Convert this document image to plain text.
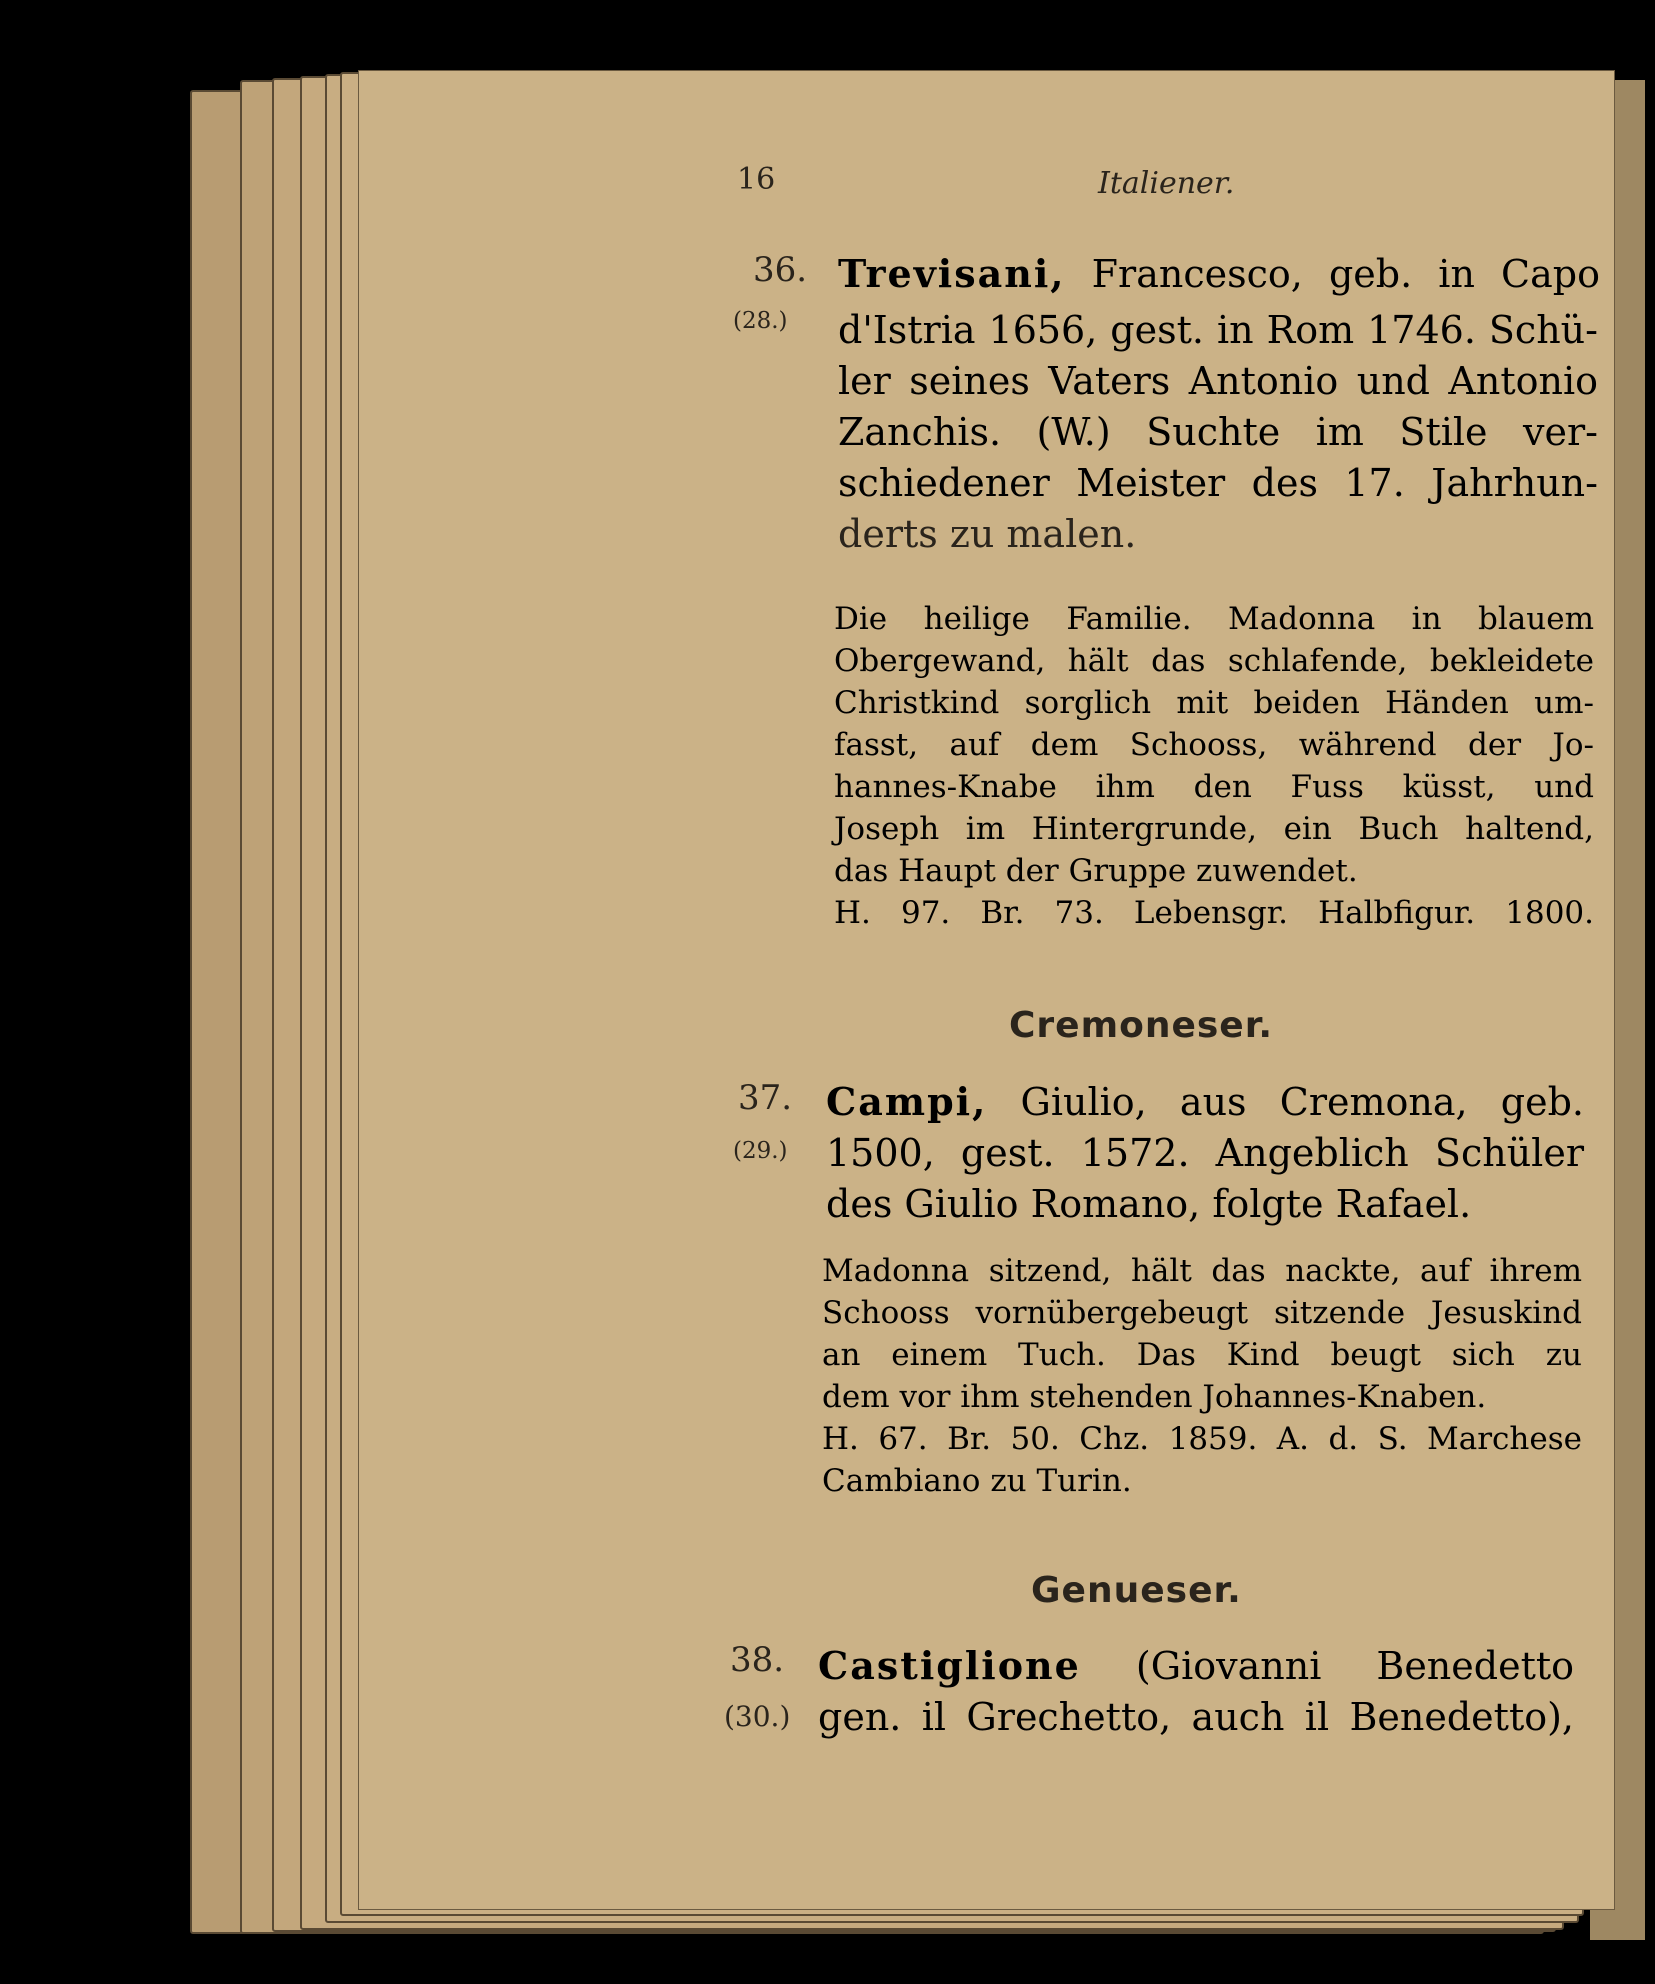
16	Italiener.
36.
(28.)
Trevisani, Francesco, geb. in Capo
d'Istria 1656, gest. in Rom 1746. Schü-
ler seines Vaters Antonio und Antonio
Zanchis. (W.) Suchte im Stile ver-
schiedener Meister des 17. Jahrhun-
derts zu malen.
Die heilige Familie. Madonna in blauem
Obergewand, hält das schlafende, bekleidete
Christkind sorglich mit beiden Händen um-
fasst, auf dem Schooss, während der Jo-
hannes-Knabe ihm den Fuss küsst, und
Joseph im Hintergrunde, ein Buch haltend,
das Haupt der Gruppe zuwendet.
H. 97. Br. 73. Lebensgr. Halbfigur. 1800.
Cremoneser.
37.
(29.)
Campi, Giulio, aus Cremona, geb.
1500, gest. 1572. Angeblich Schüler
des Giulio Romano, folgte Rafael.
Madonna sitzend, hält das nackte, auf ihrem
Schooss vornübergebeugt sitzende Jesuskind
an einem Tuch. Das Kind beugt sich zu
dem vor ihm stehenden Johannes-Knaben.
H. 67. Br. 50. Chz. 1859. A. d. S. Marchese
Cambiano zu Turin.
Genueser.
38.
(30.)
Castiglione (Giovanni Benedetto
gen. il Grechetto, auch il Benedetto),
